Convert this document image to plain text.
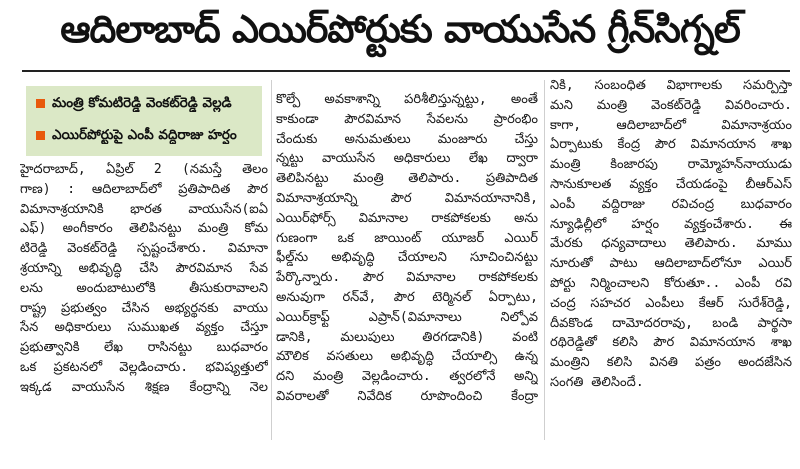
ఆదిలాబాద్ ఎయిర్‌పోర్టుకు వాయుసేన గ్రీన్‌సిగ్నల్
మంత్రి కోమటిరెడ్డి వెంకట్‌రెడ్డి వెల్లడి
ఎయిర్‌పోర్టుపై ఎంపీ వద్దిరాజు హర్షం
హైదరాబాద్, ఏప్రిల్ 2 (నమస్తే తెలం
గాణ) : ఆదిలాబాద్‌లో ప్రతిపాదిత పౌర
విమానాశ్రయానికి భారత వాయుసేన(ఐఏ
ఎఫ్) అంగీకారం తెలిపినట్టు మంత్రి కోమ
టిరెడ్డి వెంకట్‌రెడ్డి స్పష్టంచేశారు. విమానా
శ్రయాన్ని అభివృద్ధి చేసి పౌరవిమాన సేవ
లను అందుబాటులోకి తీసుకురావాలని
రాష్ట్ర ప్రభుత్వం చేసిన అభ్యర్థనకు వాయు
సేన అధికారులు సుముఖత వ్యక్తం చేస్తూ
ప్రభుత్వానికి లేఖ రాసినట్టు బుధవారం
ఒక ప్రకటనలో వెల్లడించారు. భవిష్యత్తులో
ఇక్కడ వాయుసేన శిక్షణ కేంద్రాన్ని నెల
కొల్పే అవకాశాన్ని పరిశీలిస్తున్నట్టు, అంతే
కాకుండా పౌరవిమాన సేవలను ప్రారంభిం
చేందుకు అనుమతులు మంజూరు చేస్తు
న్నట్టు వాయుసేన అధికారులు లేఖ ద్వారా
తెలిపినట్టు మంత్రి తెలిపారు. ప్రతిపాదిత
విమానాశ్రయాన్ని పౌర విమానయానానికి,
ఎయిర్‌ఫోర్స్ విమానాల రాకపోకలకు అను
గుణంగా ఒక జాయింట్ యూజర్ ఎయిర్
ఫీల్డ్‌ను అభివృద్ధి చేయాలని సూచించినట్టు
పేర్కొన్నారు. పౌర విమానాల రాకపోకలకు
అనువుగా రన్‌వే, పౌర టెర్మినల్ ఏర్పాటు,
ఎయిర్‌క్రాఫ్ట్ ఎప్రాన్(విమానాలు నిల్పోవ
డానికి, మలుపులు తిరగడానికి) వంటి
మౌలిక వసతులు అభివృద్ధి చేయాల్సి ఉన్న
దని మంత్రి వెల్లడించారు. త్వరలోనే అన్ని
వివరాలతో నివేదిక రూపొందించి కేంద్రా
నికి, సంబంధిత విభాగాలకు సమర్పిస్తా
మని మంత్రి వెంకట్‌రెడ్డి వివరించారు.
కాగా, ఆదిలాబాద్‌లో విమానాశ్రయం
ఏర్పాటుకు కేంద్ర పౌర విమానయాన శాఖ
మంత్రి కింజారపు రామ్మోహన్‌నాయుడు
సానుకూలత వ్యక్తం చేయడంపై బీఆర్‌ఎస్
ఎంపీ వద్దిరాజు రవిచంద్ర బుధవారం
న్యూఢిల్లీలో హర్షం వ్యక్తంచేశారు. ఈ
మేరకు ధన్యవాదాలు తెలిపారు. మాము
నూరుతో పాటు ఆదిలాబాద్‌లోనూ ఎయిర్
పోర్టు నిర్మించాలని కోరుతూ.. ఎంపీ రవి
చంద్ర సహచర ఎంపీలు కేఆర్ సురేశ్‌రెడ్డి,
దీవకొండ దామోదరరావు, బండి పార్థసా
రథిరెడ్డితో కలిసి పౌర విమానయాన శాఖ
మంత్రిని కలిసి వినతి పత్రం అందజేసిన
సంగతి తెలిసిందే.
